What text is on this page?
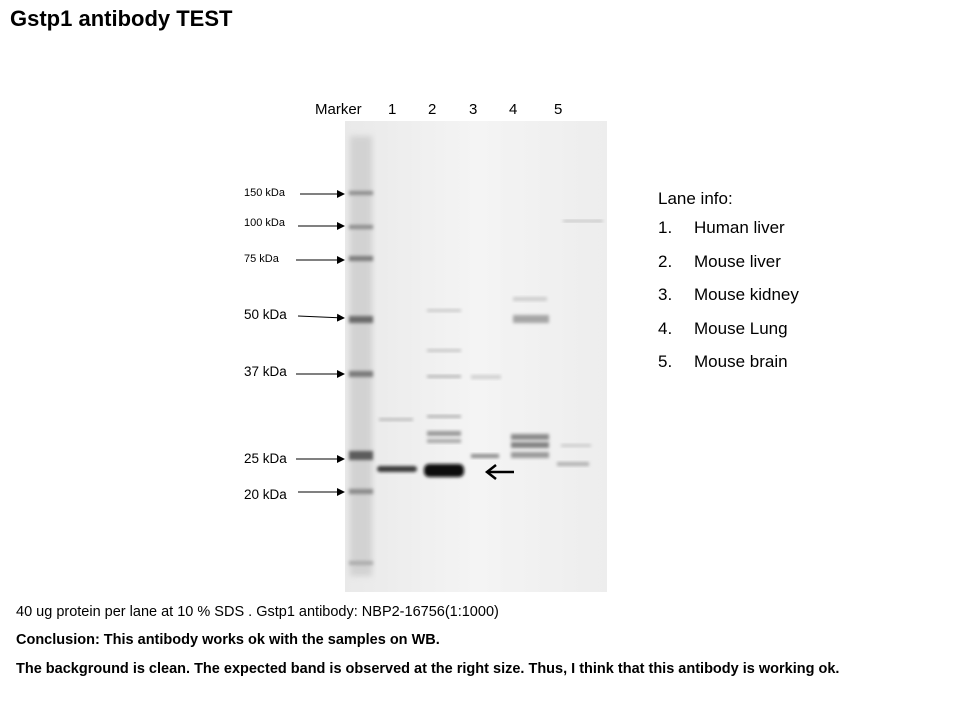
Gstp1 antibody TEST
Marker 1 2 3 4 5
150 kDa
100 kDa
75 kDa
50 kDa
37 kDa
25 kDa
20 kDa
Lane info:
1.	Human liver
2.	Mouse liver
3.	Mouse kidney
4.	Mouse Lung
5.	Mouse brain
40 ug protein per lane at 10 % SDS . Gstp1 antibody: NBP2-16756(1:1000)
Conclusion: This antibody works ok with the samples on WB.
The background is clean. The expected band is observed at the right size. Thus, I think that this antibody is working ok.
